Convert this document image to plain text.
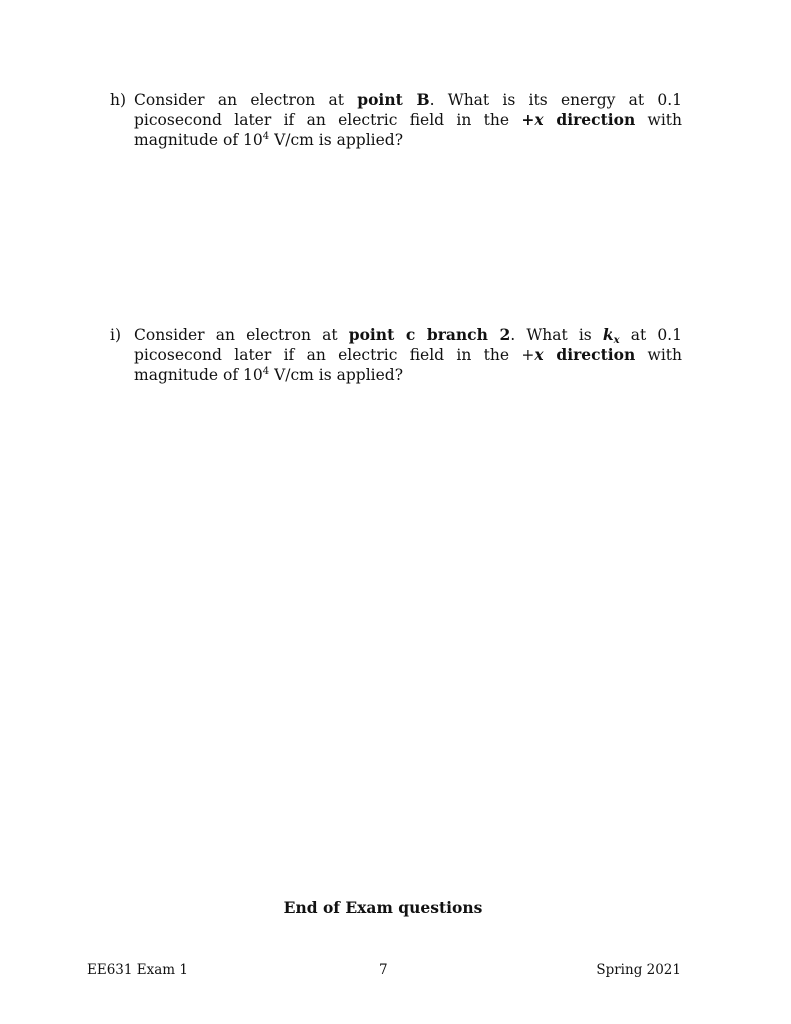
h) Consider an electron at point B. What is its energy at 0.1 picosecond later if an electric field in the +x direction with magnitude of $10^4$ V/cm is applied?
i) Consider an electron at point c branch 2. What is $k_x$ at 0.1 picosecond later if an electric field in the +x direction with magnitude of $10^4$ V/cm is applied?
End of Exam questions
EE631 Exam 1	7	Spring 2021
